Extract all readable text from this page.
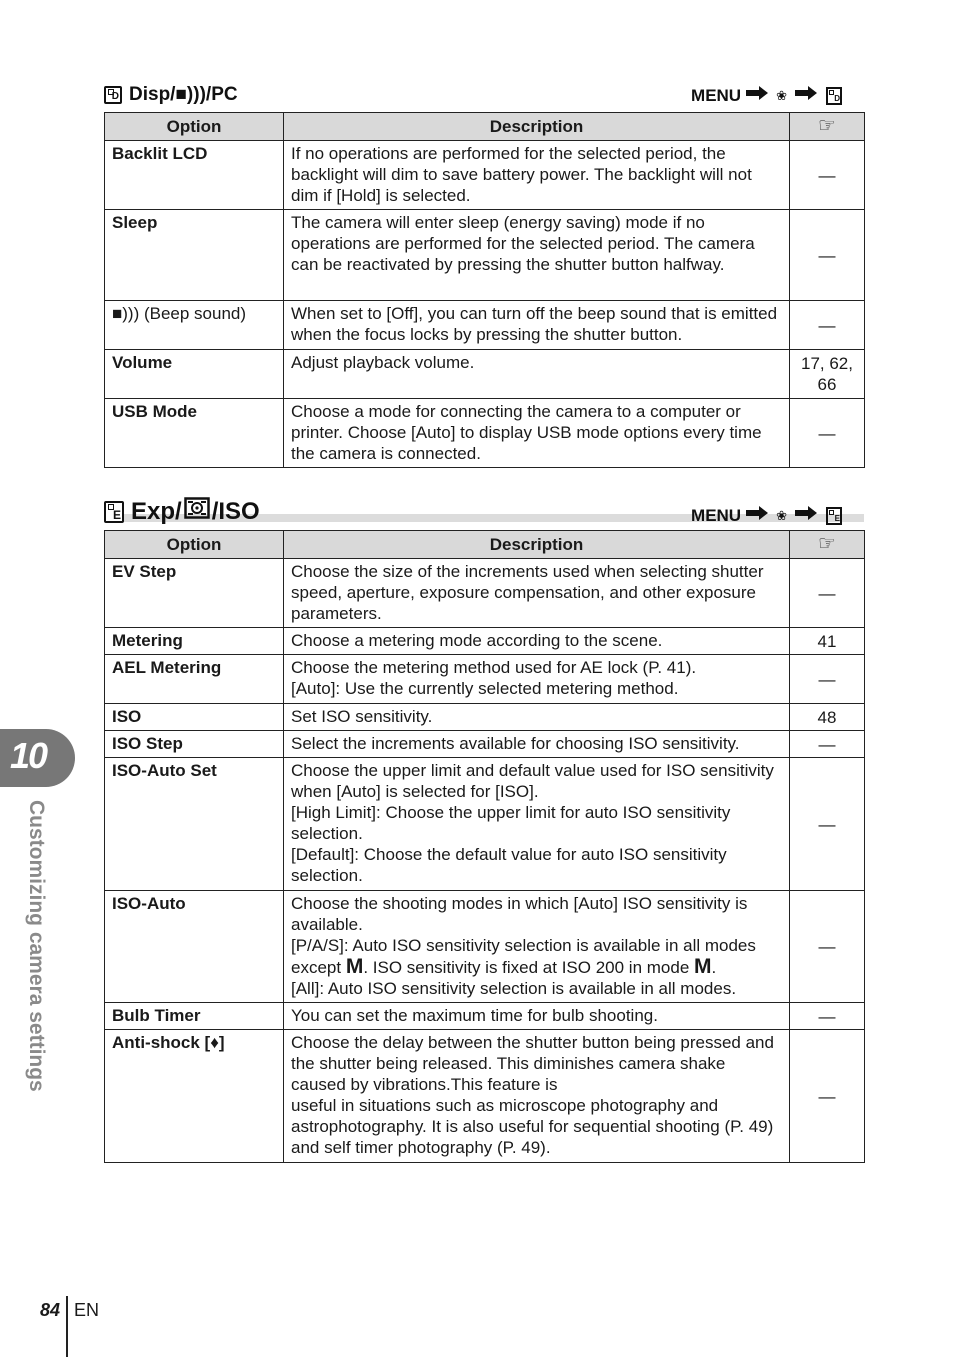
D Disp/■)))/PC	MENU	❀	D
Option	Description	☞
Backlit LCD	If no operations are performed for the selected period, the backlight will dim to save battery power. The backlight will not dim if [Hold] is selected.	—
Sleep	The camera will enter sleep (energy saving) mode if no operations are performed for the selected period. The camera can be reactivated by pressing the shutter button halfway.	—
■))) (Beep sound)	When set to [Off], you can turn off the beep sound that is emitted when the focus locks by pressing the shutter button.	—
Volume	Adjust playback volume.	17, 62, 66
USB Mode	Choose a mode for connecting the camera to a computer or printer. Choose [Auto] to display USB mode options every time the camera is connected.	—
E Exp/ /ISO	MENU	❀	E
Option	Description	☞
EV Step	Choose the size of the increments used when selecting shutter speed, aperture, exposure compensation, and other exposure parameters.	—
Metering	Choose a metering mode according to the scene.	41
AEL Metering	Choose the metering method used for AE lock (P. 41).
[Auto]: Use the currently selected metering method.	—
ISO	Set ISO sensitivity.	48
ISO Step	Select the increments available for choosing ISO sensitivity.	—
ISO-Auto Set	Choose the upper limit and default value used for ISO sensitivity when [Auto] is selected for [ISO].
[High Limit]: Choose the upper limit for auto ISO sensitivity selection.
[Default]: Choose the default value for auto ISO sensitivity selection.	—
ISO-Auto	Choose the shooting modes in which [Auto] ISO sensitivity is available.
[P/A/S]: Auto ISO sensitivity selection is available in all modes except M. ISO sensitivity is fixed at ISO 200 in mode M.
[All]: Auto ISO sensitivity selection is available in all modes.	—
Bulb Timer	You can set the maximum time for bulb shooting.	—
Anti-shock [♦]	Choose the delay between the shutter button being pressed and the shutter being released. This diminishes camera shake caused by vibrations.This feature is
useful in situations such as microscope photography and astrophotography. It is also useful for sequential shooting (P. 49) and self timer photography (P. 49).	—
10
Customizing camera settings
84 EN
